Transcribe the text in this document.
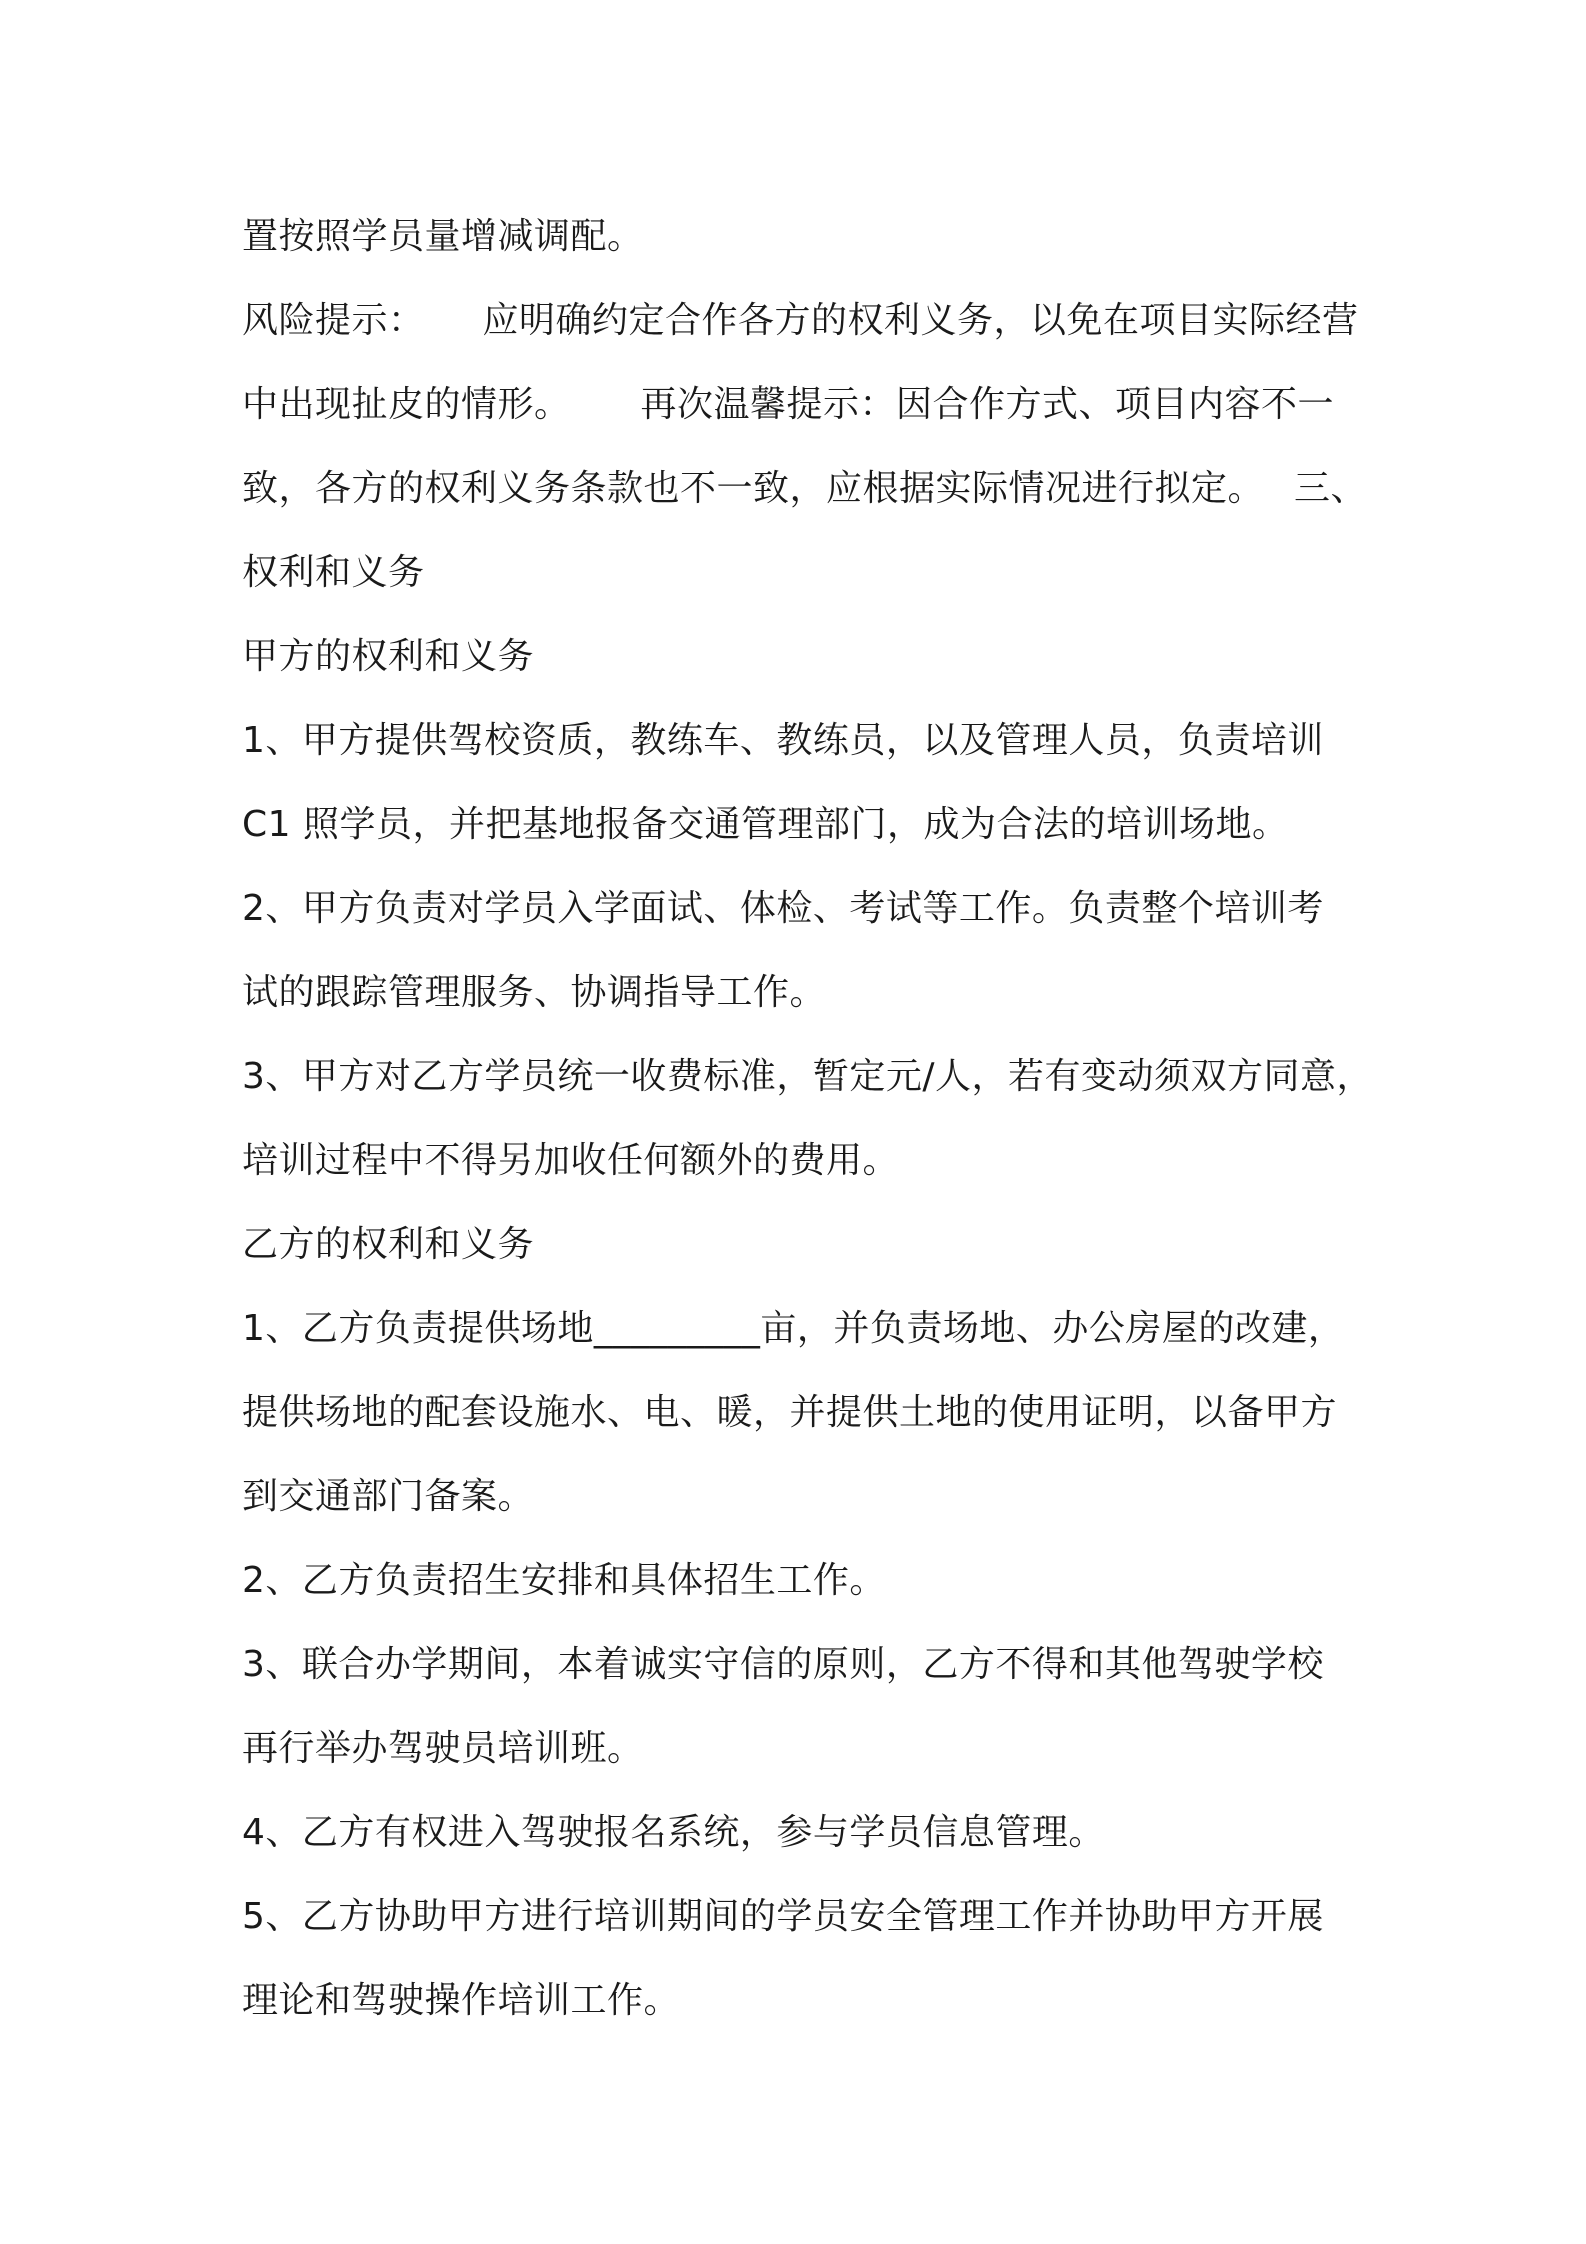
置按照学员量增减调配。
风险提示： 应明确约定合作各方的权利义务，以免在项目实际经营
中出现扯皮的情形。 再次温馨提示：因合作方式、项目内容不一
致，各方的权利义务条款也不一致，应根据实际情况进行拟定。 三、
权利和义务
甲方的权利和义务
1、甲方提供驾校资质，教练车、教练员，以及管理人员，负责培训
C1 照学员，并把基地报备交通管理部门，成为合法的培训场地。
2、甲方负责对学员入学面试、体检、考试等工作。负责整个培训考
试的跟踪管理服务、协调指导工作。
3、甲方对乙方学员统一收费标准，暂定元/人，若有变动须双方同意，
培训过程中不得另加收任何额外的费用。
乙方的权利和义务
1、乙方负责提供场地_________亩，并负责场地、办公房屋的改建，
提供场地的配套设施水、电、暖，并提供土地的使用证明，以备甲方
到交通部门备案。
2、乙方负责招生安排和具体招生工作。
3、联合办学期间，本着诚实守信的原则，乙方不得和其他驾驶学校
再行举办驾驶员培训班。
4、乙方有权进入驾驶报名系统，参与学员信息管理。
5、乙方协助甲方进行培训期间的学员安全管理工作并协助甲方开展
理论和驾驶操作培训工作。
